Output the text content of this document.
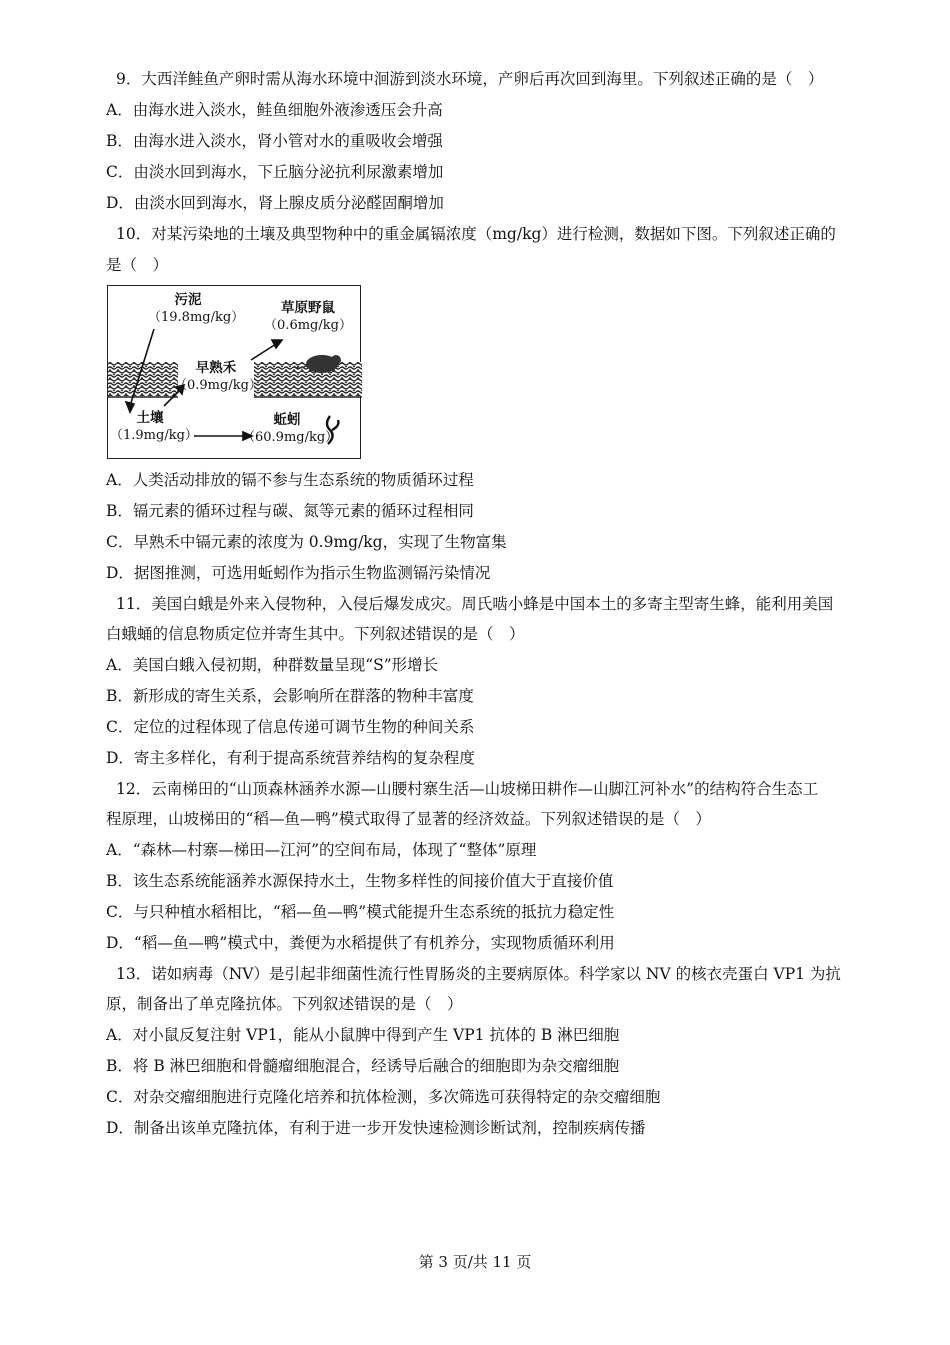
9．大西洋鲑鱼产卵时需从海水环境中洄游到淡水环境，产卵后再次回到海里。下列叙述正确的是（　）
A．由海水进入淡水，鲑鱼细胞外液渗透压会升高
B．由海水进入淡水，肾小管对水的重吸收会增强
C．由淡水回到海水，下丘脑分泌抗利尿激素增加
D．由淡水回到海水，肾上腺皮质分泌醛固酮增加
10．对某污染地的土壤及典型物种中的重金属镉浓度（mg/kg）进行检测，数据如下图。下列叙述正确的
是（　）
污泥
（19.8mg/kg）
草原野鼠
（0.6mg/kg）
早熟禾
（0.9mg/kg）
土壤
（1.9mg/kg）
蚯蚓
（60.9mg/kg）
A．人类活动排放的镉不参与生态系统的物质循环过程
B．镉元素的循环过程与碳、氮等元素的循环过程相同
C．早熟禾中镉元素的浓度为 0.9mg/kg，实现了生物富集
D．据图推测，可选用蚯蚓作为指示生物监测镉污染情况
11．美国白蛾是外来入侵物种，入侵后爆发成灾。周氏啮小蜂是中国本土的多寄主型寄生蜂，能利用美国
白蛾蛹的信息物质定位并寄生其中。下列叙述错误的是（　）
A．美国白蛾入侵初期，种群数量呈现“S”形增长
B．新形成的寄生关系，会影响所在群落的物种丰富度
C．定位的过程体现了信息传递可调节生物的种间关系
D．寄主多样化，有利于提高系统营养结构的复杂程度
12．云南梯田的“山顶森林涵养水源—山腰村寨生活—山坡梯田耕作—山脚江河补水”的结构符合生态工
程原理，山坡梯田的“稻—鱼—鸭”模式取得了显著的经济效益。下列叙述错误的是（　）
A．“森林—村寨—梯田—江河”的空间布局，体现了“整体”原理
B．该生态系统能涵养水源保持水土，生物多样性的间接价值大于直接价值
C．与只种植水稻相比，“稻—鱼—鸭”模式能提升生态系统的抵抗力稳定性
D．“稻—鱼—鸭”模式中，粪便为水稻提供了有机养分，实现物质循环利用
13．诺如病毒（NV）是引起非细菌性流行性胃肠炎的主要病原体。科学家以 NV 的核衣壳蛋白 VP1 为抗
原，制备出了单克隆抗体。下列叙述错误的是（　）
A．对小鼠反复注射 VP1，能从小鼠脾中得到产生 VP1 抗体的 B 淋巴细胞
B．将 B 淋巴细胞和骨髓瘤细胞混合，经诱导后融合的细胞即为杂交瘤细胞
C．对杂交瘤细胞进行克隆化培养和抗体检测，多次筛选可获得特定的杂交瘤细胞
D．制备出该单克隆抗体，有利于进一步开发快速检测诊断试剂，控制疾病传播
第 3 页/共 11 页
